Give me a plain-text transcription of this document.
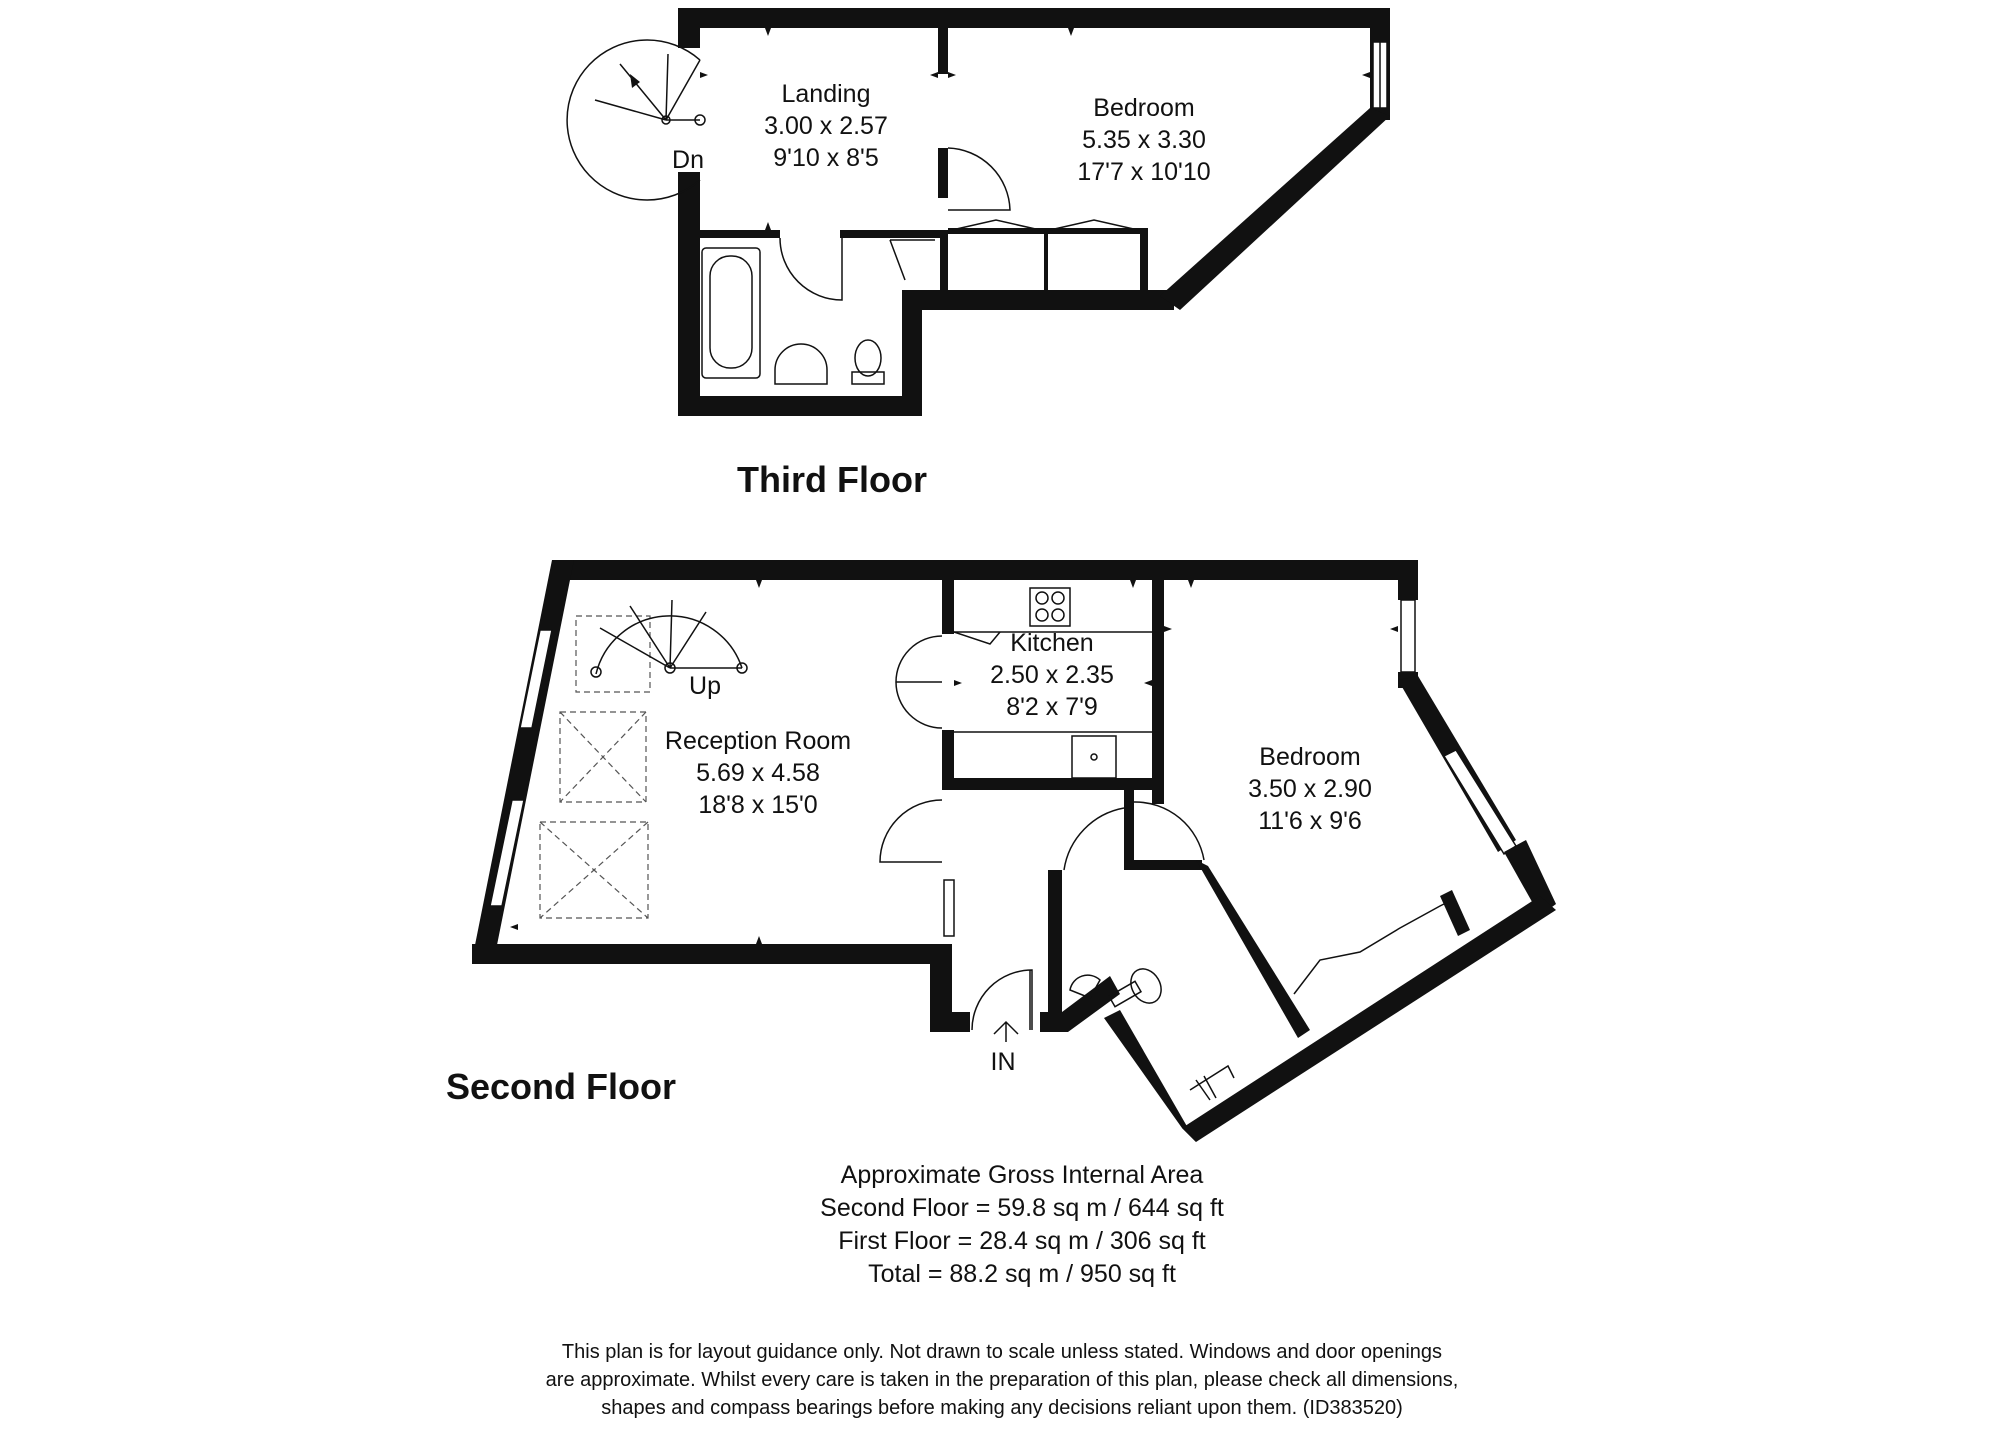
Landing
3.00 x 2.57
9'10 x 8'5
Bedroom
5.35 x 3.30
17'7 x 10'10
Dn
Third Floor
Reception Room
5.69 x 4.58
18'8 x 15'0
Kitchen
2.50 x 2.35
8'2 x 7'9
Bedroom
3.50 x 2.90
11'6 x 9'6
Up
IN
Second Floor
Approximate Gross Internal Area
Second Floor = 59.8 sq m / 644 sq ft
First Floor = 28.4 sq m / 306 sq ft
Total = 88.2 sq m / 950 sq ft
This plan is for layout guidance only. Not drawn to scale unless stated. Windows and door openings
are approximate. Whilst every care is taken in the preparation of this plan, please check all dimensions,
shapes and compass bearings before making any decisions reliant upon them. (ID383520)
